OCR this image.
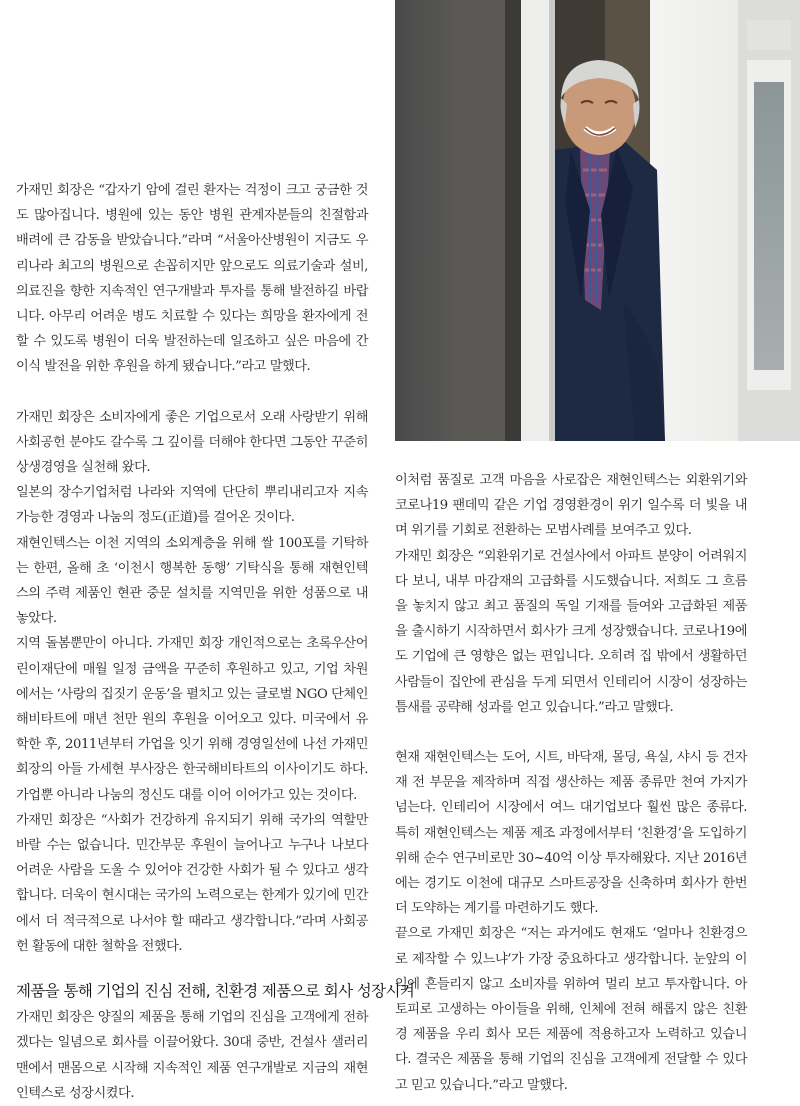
가재민 회장은 “갑자기 암에 걸린 환자는 걱정이 크고 궁금한 것도 많아집니다. 병원에 있는 동안 병원 관계자분들의 친절함과 배려에 큰 감동을 받았습니다.”라며 “서울아산병원이 지금도 우리나라 최고의 병원으로 손꼽히지만 앞으로도 의료기술과 설비, 의료진을 향한 지속적인 연구개발과 투자를 통해 발전하길 바랍니다. 아무리 어려운 병도 치료할 수 있다는 희망을 환자에게 전할 수 있도록 병원이 더욱 발전하는데 일조하고 싶은 마음에 간이식 발전을 위한 후원을 하게 됐습니다.”라고 말했다.

가재민 회장은 소비자에게 좋은 기업으로서 오래 사랑받기 위해 사회공헌 분야도 갈수록 그 깊이를 더해야 한다면 그동안 꾸준히 상생경영을 실천해 왔다.

일본의 장수기업처럼 나라와 지역에 단단히 뿌리내리고자 지속 가능한 경영과 나눔의 정도(正道)를 걸어온 것이다.

재현인텍스는 이천 지역의 소외계층을 위해 쌀 100포를 기탁하는 한편, 올해 초 ‘이천시 행복한 동행’ 기탁식을 통해 재현인텍스의 주력 제품인 현관 중문 설치를 지역민을 위한 성품으로 내놓았다.

지역 돌봄뿐만이 아니다. 가재민 회장 개인적으로는 초록우산어린이재단에 매월 일정 금액을 꾸준히 후원하고 있고, 기업 차원에서는 ‘사랑의 집짓기 운동’을 펼치고 있는 글로벌 NGO 단체인 해비타트에 매년 천만 원의 후원을 이어오고 있다. 미국에서 유학한 후, 2011년부터 가업을 잇기 위해 경영일선에 나선 가재민 회장의 아들 가세현 부사장은 한국해비타트의 이사이기도 하다. 가업뿐 아니라 나눔의 정신도 대를 이어 이어가고 있는 것이다.

가재민 회장은 “사회가 건강하게 유지되기 위해 국가의 역할만 바랄 수는 없습니다. 민간부문 후원이 늘어나고 누구나 나보다 어려운 사람을 도울 수 있어야 건강한 사회가 될 수 있다고 생각합니다. 더욱이 현시대는 국가의 노력으로는 한계가 있기에 민간에서 더 적극적으로 나서야 할 때라고 생각합니다.”라며 사회공헌 활동에 대한 철학을 전했다.

제품을 통해 기업의 진심 전해, 친환경 제품으로 회사 성장시켜

가재민 회장은 양질의 제품을 통해 기업의 진심을 고객에게 전하겠다는 일념으로 회사를 이끌어왔다. 30대 중반, 건설사 샐러리맨에서 맨몸으로 시작해 지속적인 제품 연구개발로 지금의 재현인텍스로 성장시켰다.

이처럼 품질로 고객 마음을 사로잡은 재현인텍스는 외환위기와 코로나19 팬데믹 같은 기업 경영환경이 위기 일수록 더 빛을 내며 위기를 기회로 전환하는 모범사례를 보여주고 있다.

가재민 회장은 “외환위기로 건설사에서 아파트 분양이 어려워지다 보니, 내부 마감재의 고급화를 시도했습니다. 저희도 그 흐름을 놓치지 않고 최고 품질의 독일 기재를 들여와 고급화된 제품을 출시하기 시작하면서 회사가 크게 성장했습니다. 코로나19에도 기업에 큰 영향은 없는 편입니다. 오히려 집 밖에서 생활하던 사람들이 집안에 관심을 두게 되면서 인테리어 시장이 성장하는 틈새를 공략해 성과를 얻고 있습니다.”라고 말했다.

현재 재현인텍스는 도어, 시트, 바닥재, 몰딩, 욕실, 샤시 등 건자재 전 부문을 제작하며 직접 생산하는 제품 종류만 천여 가지가 넘는다. 인테리어 시장에서 여느 대기업보다 훨씬 많은 종류다. 특히 재현인텍스는 제품 제조 과정에서부터 ‘친환경’을 도입하기 위해 순수 연구비로만 30~40억 이상 투자해왔다. 지난 2016년에는 경기도 이천에 대규모 스마트공장을 신축하며 회사가 한번 더 도약하는 계기를 마련하기도 했다.

끝으로 가재민 회장은 “저는 과거에도 현재도 ‘얼마나 친환경으로 제작할 수 있느냐’가 가장 중요하다고 생각합니다. 눈앞의 이익에 흔들리지 않고 소비자를 위하여 멀리 보고 투자합니다. 아토피로 고생하는 아이들을 위해, 인체에 전혀 해롭지 않은 친환경 제품을 우리 회사 모든 제품에 적용하고자 노력하고 있습니다. 결국은 제품을 통해 기업의 진심을 고객에게 전달할 수 있다고 믿고 있습니다.”라고 말했다.
